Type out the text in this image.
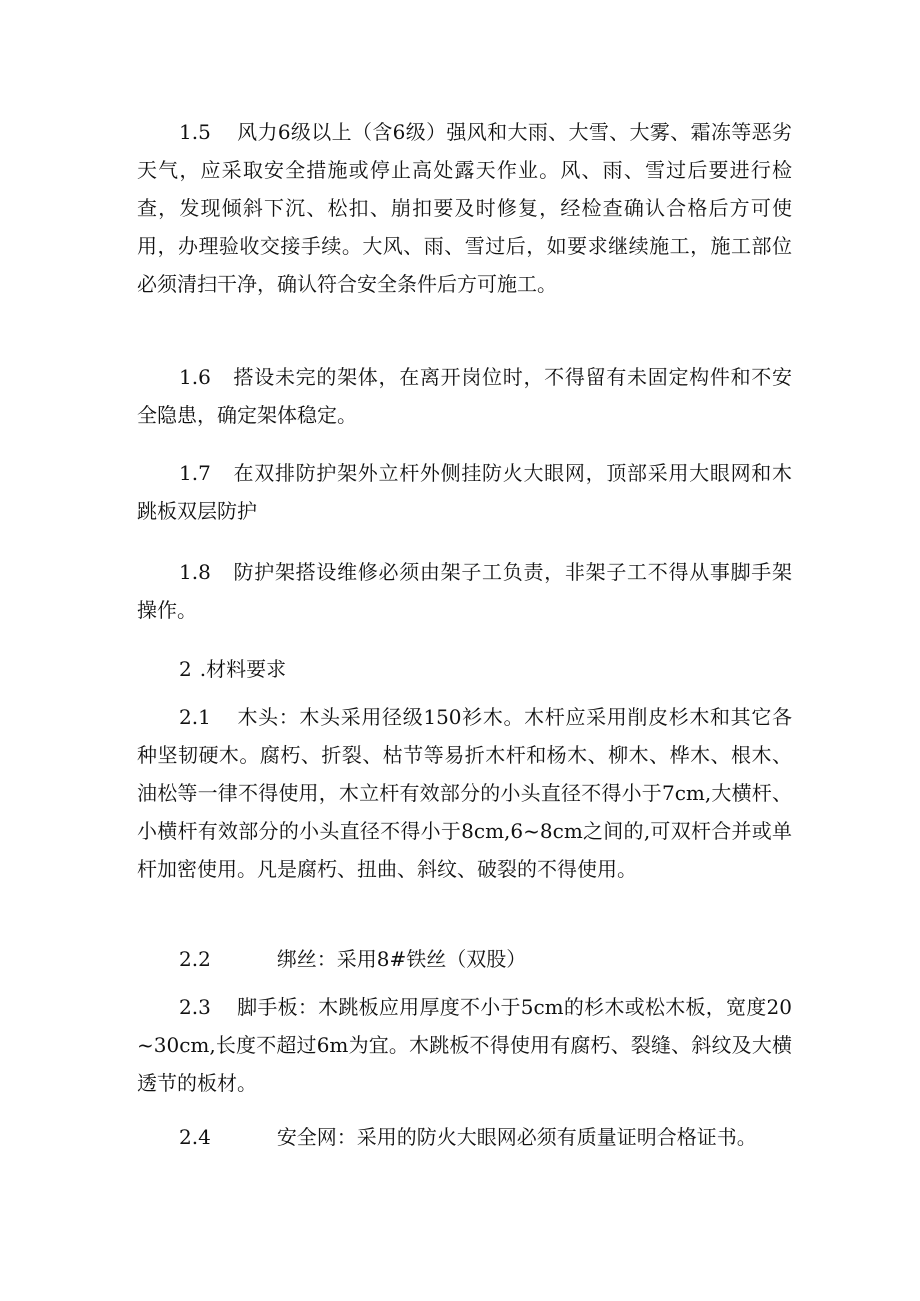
1.5 风力6级以上（含6级）强风和大雨、大雪、大雾、霜冻等恶劣天气，应采取安全措施或停止高处露天作业。风、雨、雪过后要进行检查，发现倾斜下沉、松扣、崩扣要及时修复，经检查确认合格后方可使用，办理验收交接手续。大风、雨、雪过后，如要求继续施工，施工部位必须清扫干净，确认符合安全条件后方可施工。

1.6 搭设未完的架体，在离开岗位时，不得留有未固定构件和不安全隐患，确定架体稳定。

1.7 在双排防护架外立杆外侧挂防火大眼网，顶部采用大眼网和木跳板双层防护

1.8 防护架搭设维修必须由架子工负责，非架子工不得从事脚手架操作。

2 .材料要求

2.1 木头：木头采用径级150衫木。木杆应采用削皮杉木和其它各种坚韧硬木。腐朽、折裂、枯节等易折木杆和杨木、柳木、桦木、根木、油松等一律不得使用，木立杆有效部分的小头直径不得小于7cm,大横杆、小横杆有效部分的小头直径不得小于8cm,6~8cm之间的,可双杆合并或单杆加密使用。凡是腐朽、扭曲、斜纹、破裂的不得使用。

2.2	绑丝：采用8#铁丝（双股）

2.3 脚手板：木跳板应用厚度不小于5cm的杉木或松木板，宽度20~30cm,长度不超过6m为宜。木跳板不得使用有腐朽、裂缝、斜纹及大横透节的板材。

2.4	安全网：采用的防火大眼网必须有质量证明合格证书。
